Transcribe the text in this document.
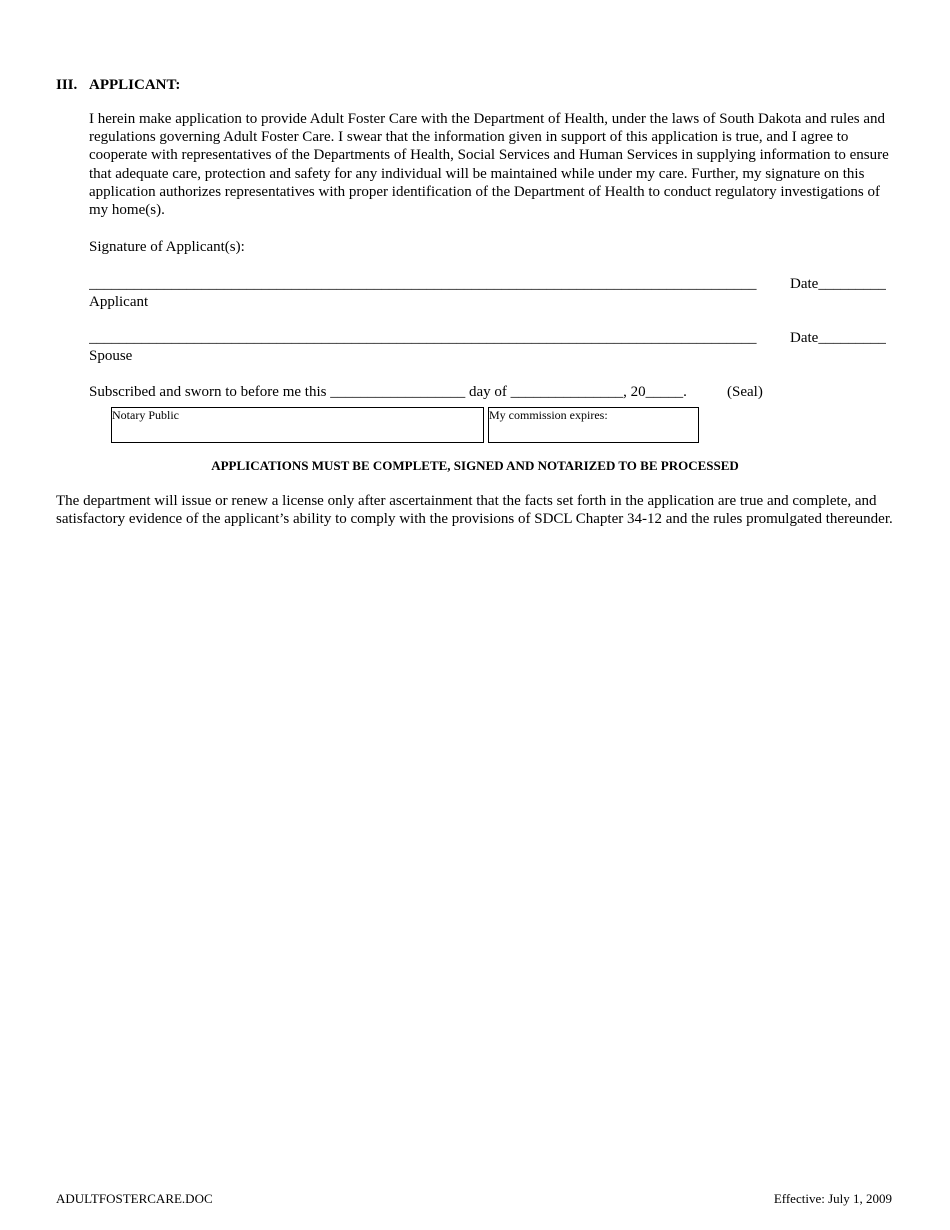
III. APPLICANT:
I herein make application to provide Adult Foster Care with the Department of Health, under the laws of South Dakota and rules and regulations governing Adult Foster Care. I swear that the information given in support of this application is true, and I agree to cooperate with representatives of the Departments of Health, Social Services and Human Services in supplying information to ensure that adequate care, protection and safety for any individual will be maintained while under my care. Further, my signature on this application authorizes representatives with proper identification of the Department of Health to conduct regulatory investigations of my home(s).
Signature of Applicant(s):
_________________________________________________________________________________________	Date_________
Applicant
_________________________________________________________________________________________	Date_________
Spouse
Subscribed and sworn to before me this __________________ day of _______________, 20_____.	(Seal)
Notary Public	My commission expires:
APPLICATIONS MUST BE COMPLETE, SIGNED AND NOTARIZED TO BE PROCESSED
The department will issue or renew a license only after ascertainment that the facts set forth in the application are true and complete, and satisfactory evidence of the applicant’s ability to comply with the provisions of SDCL Chapter 34-12 and the rules promulgated thereunder.
ADULTFOSTERCARE.DOC	Effective: July 1, 2009
